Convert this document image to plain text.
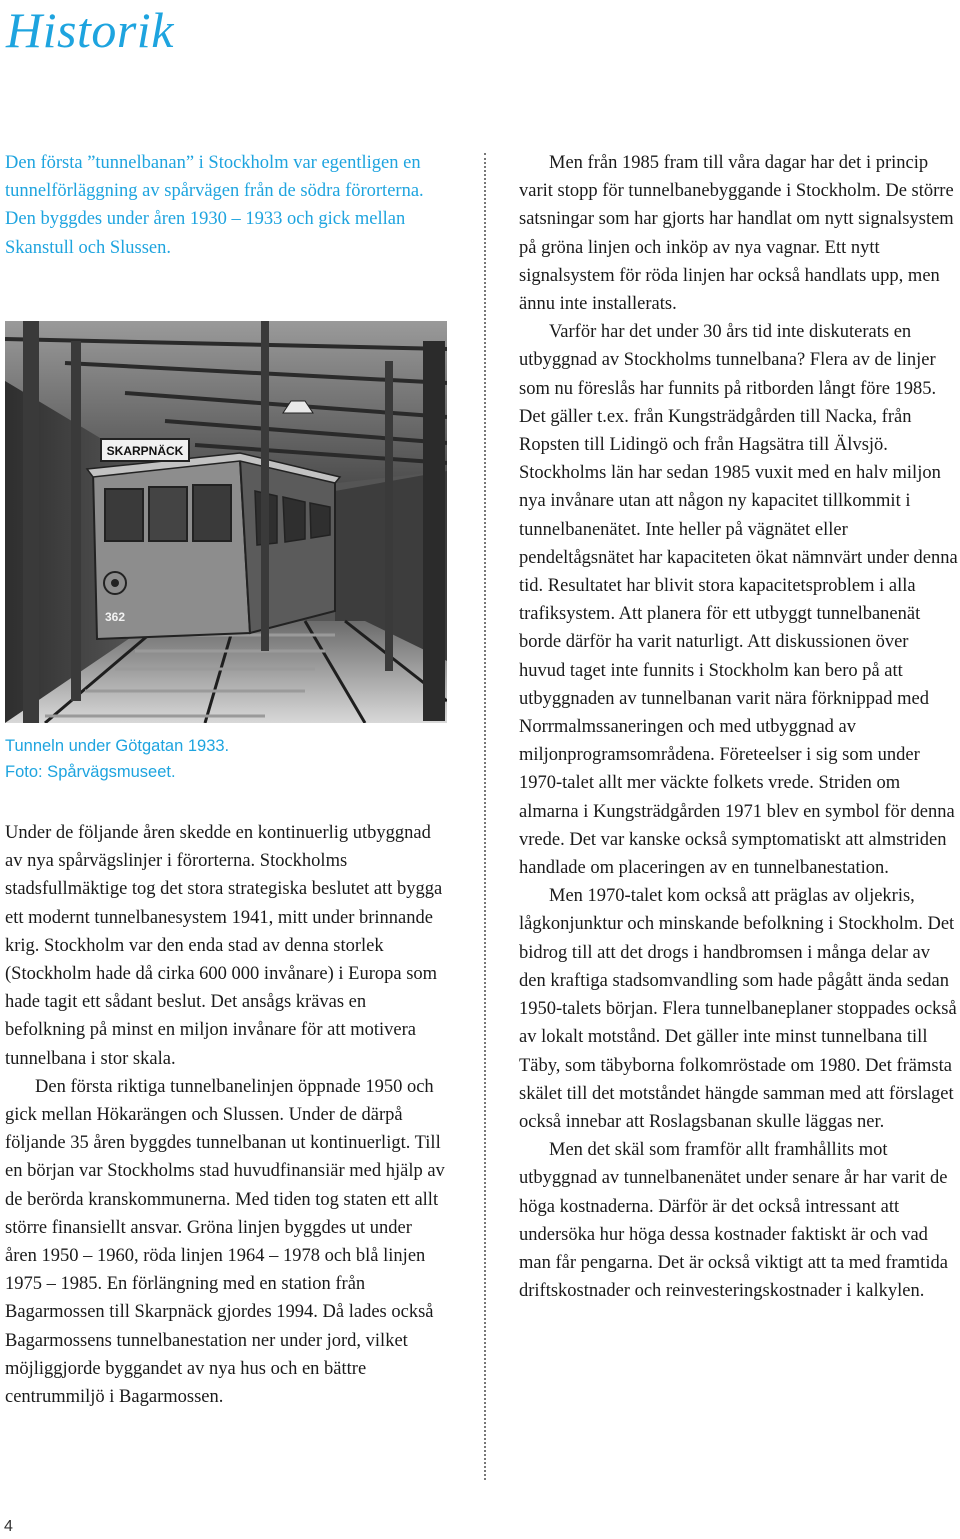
Historik

Den första ”tunnelbanan” i Stockholm var egentligen en tunnelförläggning av spårvägen från de södra förorterna. Den byggdes under åren 1930 – 1933 och gick mellan Skanstull och Slussen.

SKARPNÄCK
362
Tunneln under Götgatan 1933.
Foto: Spårvägsmuseet.

Under de följande åren skedde en kontinuerlig utbyggnad av nya spårvägslinjer i förorterna. Stockholms stadsfullmäktige tog det stora strategiska beslutet att bygga ett modernt tunnelbanesystem 1941, mitt under brinnande krig. Stockholm var den enda stad av denna storlek (Stockholm hade då cirka 600 000 invånare) i Europa som hade tagit ett sådant beslut. Det ansågs krävas en befolkning på minst en miljon invånare för att motivera tunnelbana i stor skala.

Den första riktiga tunnelbanelinjen öppnade 1950 och gick mellan Hökarängen och Slussen. Under de därpå följande 35 åren byggdes tunnelbanan ut kontinuerligt. Till en början var Stockholms stad huvudfinansiär med hjälp av de berörda kranskommunerna. Med tiden tog staten ett allt större finansiellt ansvar. Gröna linjen byggdes ut under åren 1950 – 1960, röda linjen 1964 – 1978 och blå linjen 1975 – 1985. En förlängning med en station från Bagarmossen till Skarpnäck gjordes 1994. Då lades också Bagarmossens tunnelbanestation ner under jord, vilket möjliggjorde byggandet av nya hus och en bättre centrummiljö i Bagarmossen.

Men från 1985 fram till våra dagar har det i princip varit stopp för tunnelbanebyggande i Stockholm. De större satsningar som har gjorts har handlat om nytt signalsystem på gröna linjen och inköp av nya vagnar. Ett nytt signalsystem för röda linjen har också handlats upp, men ännu inte installerats.

Varför har det under 30 års tid inte diskuterats en utbyggnad av Stockholms tunnelbana? Flera av de linjer som nu föreslås har funnits på ritborden långt före 1985. Det gäller t.ex. från Kungsträdgården till Nacka, från Ropsten till Lidingö och från Hagsätra till Älvsjö. Stockholms län har sedan 1985 vuxit med en halv miljon nya invånare utan att någon ny kapacitet tillkommit i tunnelbanenätet. Inte heller på vägnätet eller pendeltågsnätet har kapaciteten ökat nämnvärt under denna tid. Resultatet har blivit stora kapacitetsproblem i alla trafiksystem. Att planera för ett utbyggt tunnelbanenät borde därför ha varit naturligt. Att diskussionen över huvud taget inte funnits i Stockholm kan bero på att utbyggnaden av tunnelbanan varit nära förknippad med Norrmalmssaneringen och med utbyggnad av miljonprogramsområdena. Företeelser i sig som under 1970-talet allt mer väckte folkets vrede. Striden om almarna i Kungsträdgården 1971 blev en symbol för denna vrede. Det var kanske också symptomatiskt att almstriden handlade om placeringen av en tunnelbanestation.

Men 1970-talet kom också att präglas av oljekris, lågkonjunktur och minskande befolkning i Stockholm. Det bidrog till att det drogs i handbromsen i många delar av den kraftiga stadsomvandling som hade pågått ända sedan 1950-talets början. Flera tunnelbaneplaner stoppades också av lokalt motstånd. Det gäller inte minst tunnelbana till Täby, som täbyborna folkomröstade om 1980. Det främsta skälet till det motståndet hängde samman med att förslaget också innebar att Roslagsbanan skulle läggas ner.

Men det skäl som framför allt framhållits mot utbyggnad av tunnelbanenätet under senare år har varit de höga kostnaderna. Därför är det också intressant att undersöka hur höga dessa kostnader faktiskt är och vad man får pengarna. Det är också viktigt att ta med framtida driftskostnader och reinvesteringskostnader i kalkylen.

4
